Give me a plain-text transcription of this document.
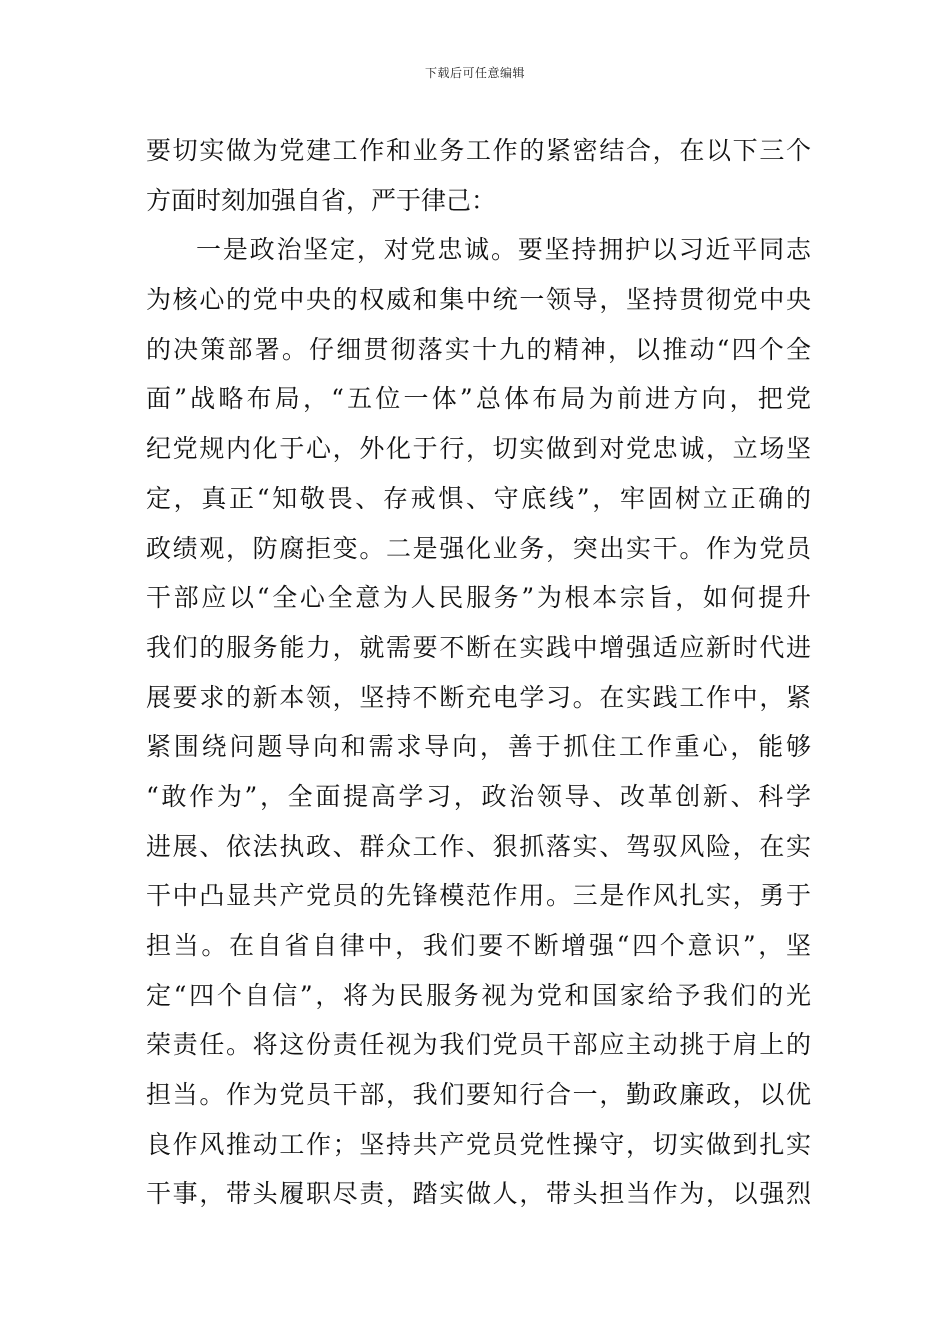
下载后可任意编辑
要切实做为党建工作和业务工作的紧密结合，在以下三个
方面时刻加强自省，严于律己：
一是政治坚定，对党忠诚。要坚持拥护以习近平同志
为核心的党中央的权威和集中统一领导，坚持贯彻党中央
的决策部署。仔细贯彻落实十九的精神，以推动“四个全
面”战略布局，“五位一体”总体布局为前进方向，把党
纪党规内化于心，外化于行，切实做到对党忠诚，立场坚
定，真正“知敬畏、存戒惧、守底线”，牢固树立正确的
政绩观，防腐拒变。二是强化业务，突出实干。作为党员
干部应以“全心全意为人民服务”为根本宗旨，如何提升
我们的服务能力，就需要不断在实践中增强适应新时代进
展要求的新本领，坚持不断充电学习。在实践工作中，紧
紧围绕问题导向和需求导向，善于抓住工作重心，能够
“敢作为”，全面提高学习，政治领导、改革创新、科学
进展、依法执政、群众工作、狠抓落实、驾驭风险，在实
干中凸显共产党员的先锋模范作用。三是作风扎实，勇于
担当。在自省自律中，我们要不断增强“四个意识”，坚
定“四个自信”，将为民服务视为党和国家给予我们的光
荣责任。将这份责任视为我们党员干部应主动挑于肩上的
担当。作为党员干部，我们要知行合一，勤政廉政，以优
良作风推动工作；坚持共产党员党性操守，切实做到扎实
干事，带头履职尽责，踏实做人，带头担当作为，以强烈
